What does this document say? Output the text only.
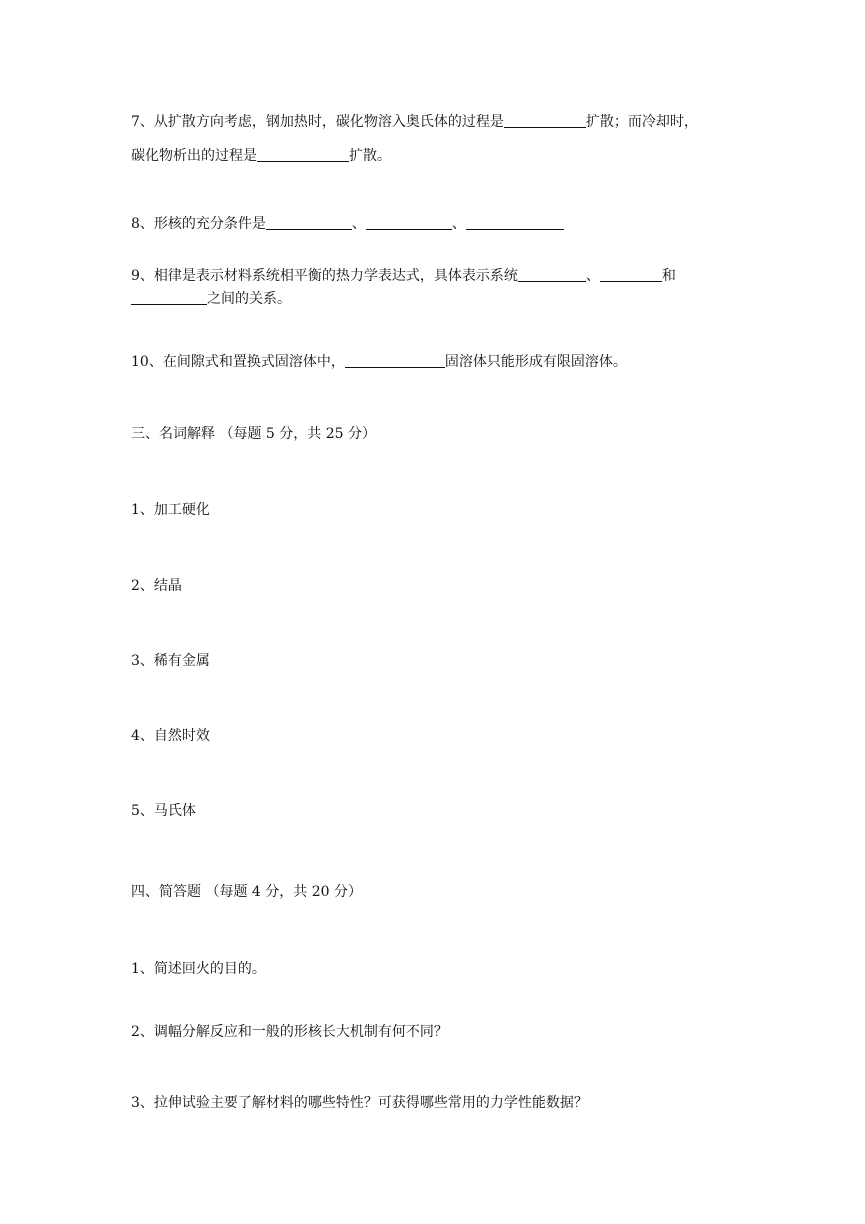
7、从扩散方向考虑，钢加热时，碳化物溶入奥氏体的过程是	扩散；而冷却时，
碳化物析出的过程是	扩散。
8、形核的充分条件是	、	、
9、相律是表示材料系统相平衡的热力学表达式，具体表示系统	、	和
之间的关系。
10、在间隙式和置换式固溶体中，	固溶体只能形成有限固溶体。
三、名词解释 （每题 5 分，共 25 分）
1、加工硬化
2、结晶
3、稀有金属
4、自然时效
5、马氏体
四、简答题 （每题 4 分，共 20 分）
1、简述回火的目的。
2、调幅分解反应和一般的形核长大机制有何不同？
3、拉伸试验主要了解材料的哪些特性？可获得哪些常用的力学性能数据？
